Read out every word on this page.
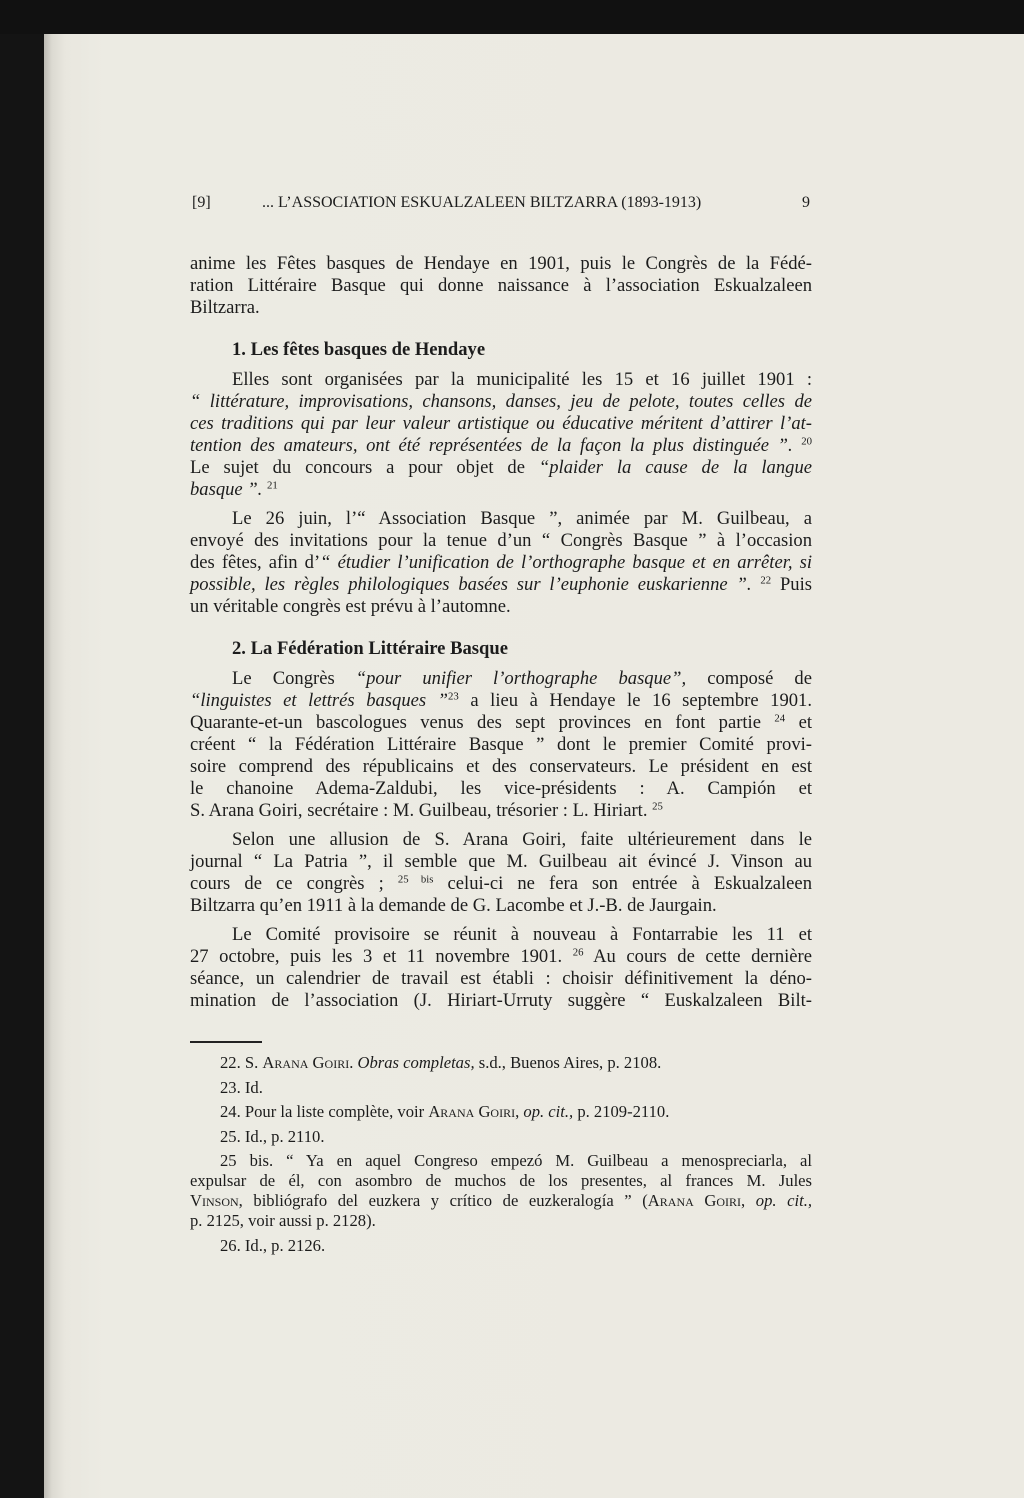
[9]	... L’ASSOCIATION ESKUALZALEEN BILTZARRA (1893-1913)	9
anime les Fêtes basques de Hendaye en 1901, puis le Congrès de la Fédé-
ration Littéraire Basque qui donne naissance à l’association Eskualzaleen
Biltzarra.
1. Les fêtes basques de Hendaye
Elles sont organisées par la municipalité les 15 et 16 juillet 1901 :
“ littérature, improvisations, chansons, danses, jeu de pelote, toutes celles de
ces traditions qui par leur valeur artistique ou éducative méritent d’attirer l’at-
tention des amateurs, ont été représentées de la façon la plus distinguée ”. $^{20}$
Le sujet du concours a pour objet de “plaider la cause de la langue
basque ”. $^{21}$
Le 26 juin, l’“ Association Basque ”, animée par M. Guilbeau, a
envoyé des invitations pour la tenue d’un “ Congrès Basque ” à l’occasion
des fêtes, afin d’“ étudier l’unification de l’orthographe basque et en arrêter, si
possible, les règles philologiques basées sur l’euphonie euskarienne ”. $^{22}$ Puis
un véritable congrès est prévu à l’automne.
2. La Fédération Littéraire Basque
Le Congrès “pour unifier l’orthographe basque”, composé de
“linguistes et lettrés basques ”$^{23}$ a lieu à Hendaye le 16 septembre 1901.
Quarante-et-un bascologues venus des sept provinces en font partie $^{24}$ et
créent “ la Fédération Littéraire Basque ” dont le premier Comité provi-
soire comprend des républicains et des conservateurs. Le président en est
le chanoine Adema-Zaldubi, les vice-présidents : A. Campión et
S. Arana Goiri, secrétaire : M. Guilbeau, trésorier : L. Hiriart. $^{25}$
Selon une allusion de S. Arana Goiri, faite ultérieurement dans le
journal “ La Patria ”, il semble que M. Guilbeau ait évincé J. Vinson au
cours de ce congrès ; $^{25 bis}$ celui-ci ne fera son entrée à Eskualzaleen
Biltzarra qu’en 1911 à la demande de G. Lacombe et J.-B. de Jaurgain.
Le Comité provisoire se réunit à nouveau à Fontarrabie les 11 et
27 octobre, puis les 3 et 11 novembre 1901. $^{26}$ Au cours de cette dernière
séance, un calendrier de travail est établi : choisir définitivement la déno-
mination de l’association (J. Hiriart-Urruty suggère “ Euskalzaleen Bilt-
22. S. Arana Goiri. Obras completas, s.d., Buenos Aires, p. 2108.
23. Id.
24. Pour la liste complète, voir Arana Goiri, op. cit., p. 2109-2110.
25. Id., p. 2110.
25 bis. “ Ya en aquel Congreso empezó M. Guilbeau a menospreciarla, al
expulsar de él, con asombro de muchos de los presentes, al frances M. Jules
Vinson, bibliógrafo del euzkera y crítico de euzkeralogía ” (Arana Goiri, op. cit.,
p. 2125, voir aussi p. 2128).
26. Id., p. 2126.
